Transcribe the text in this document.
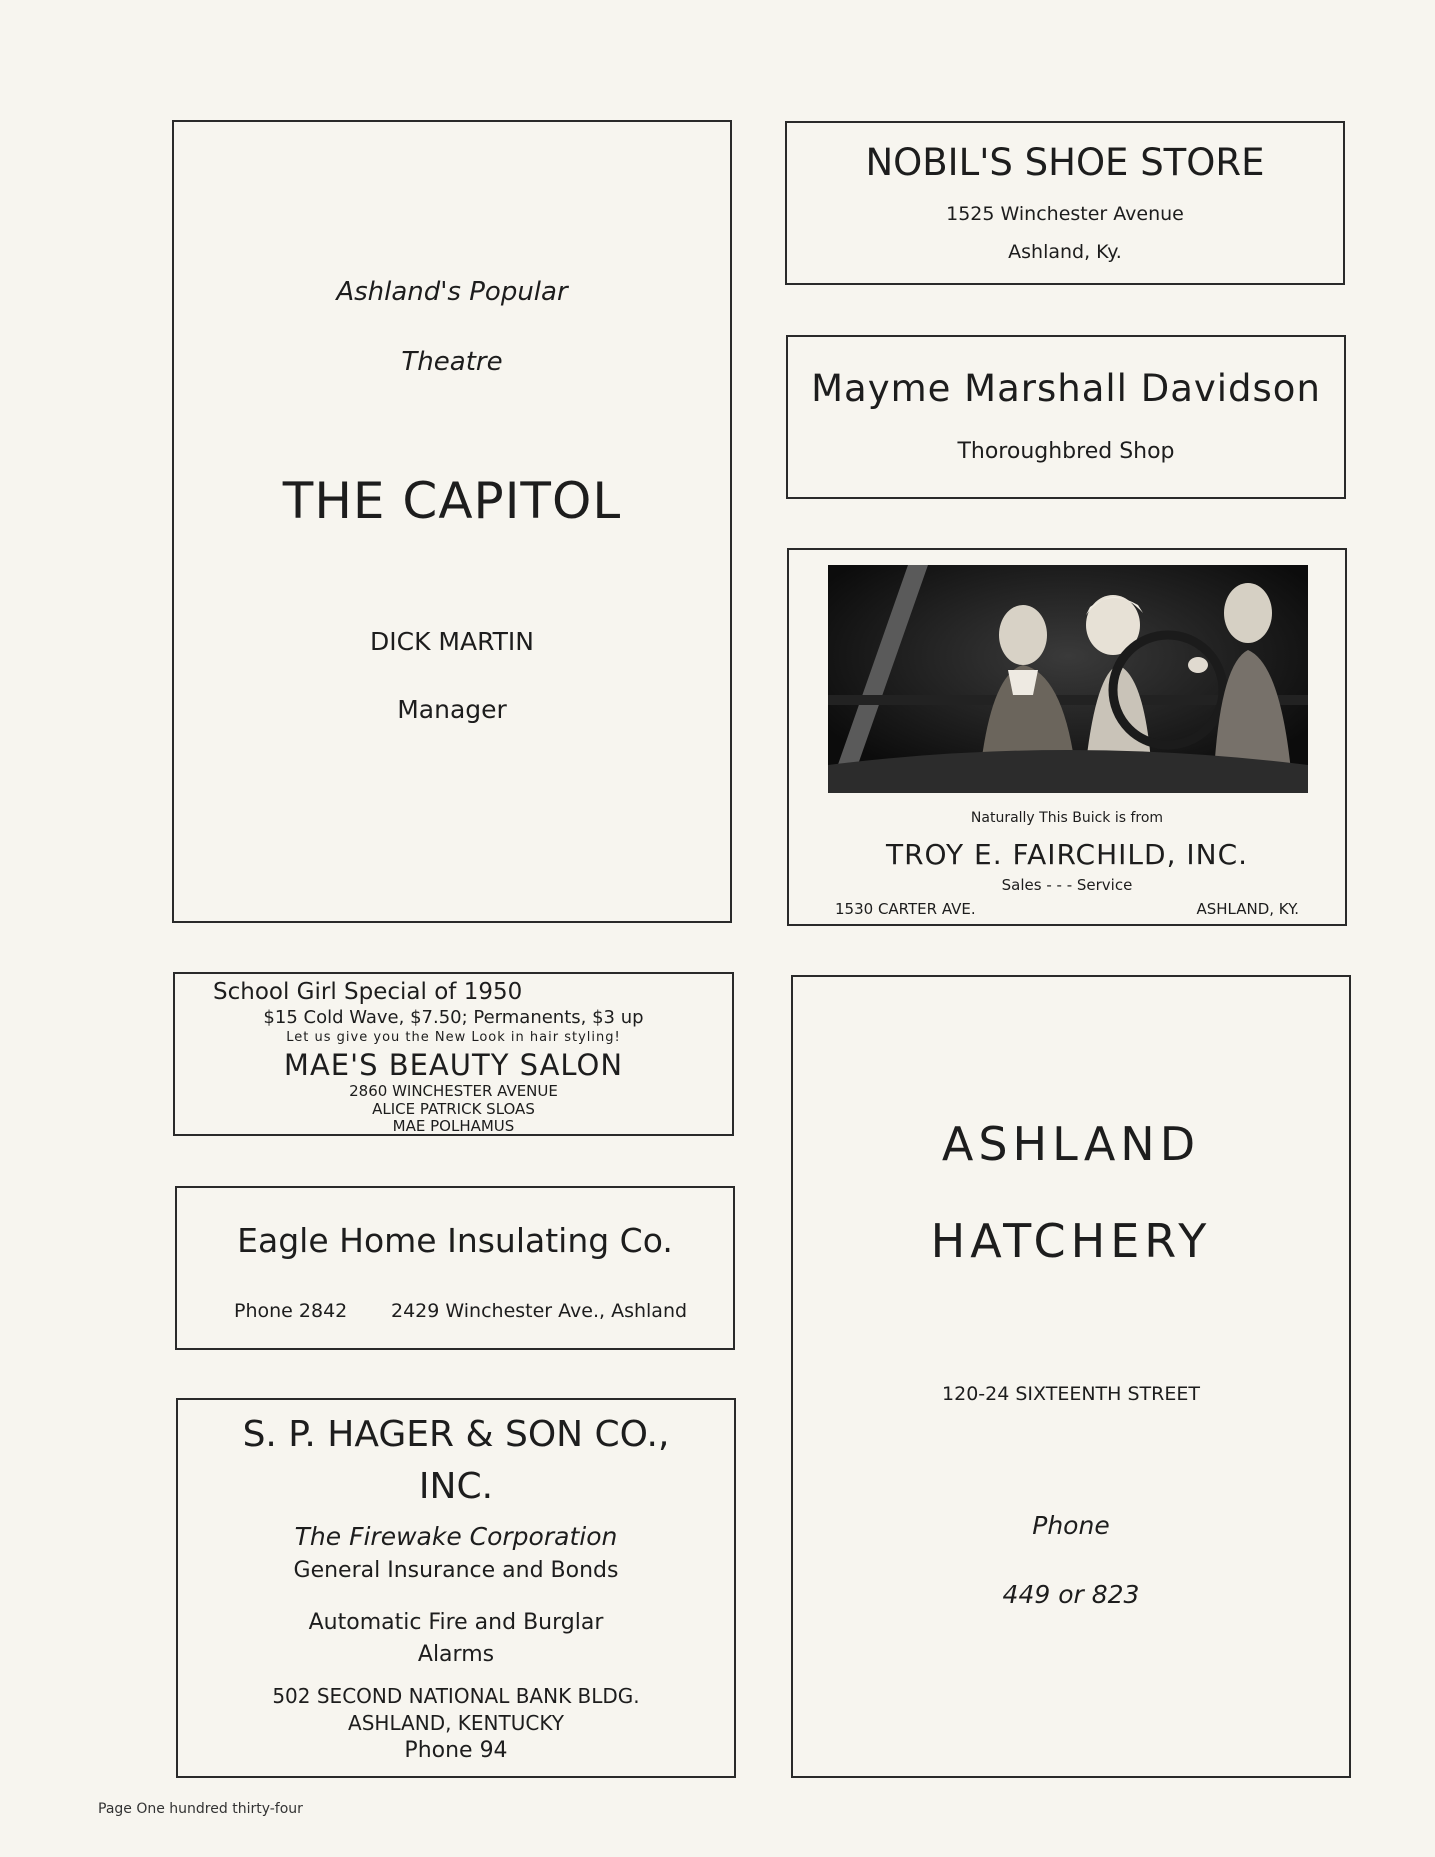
Ashland's Popular
Theatre
THE CAPITOL
DICK MARTIN
Manager
NOBIL'S SHOE STORE
1525 Winchester Avenue
Ashland, Ky.
Mayme Marshall Davidson
Thoroughbred Shop
Naturally This Buick is from
TROY E. FAIRCHILD, INC.
Sales - - - Service
1530 CARTER AVE.	ASHLAND, KY.
School Girl Special of 1950
$15 Cold Wave, $7.50; Permanents, $3 up
Let us give you the New Look in hair styling!
MAE'S BEAUTY SALON
2860 WINCHESTER AVENUE
ALICE PATRICK SLOAS
MAE POLHAMUS
Eagle Home Insulating Co.
Phone 2842 2429 Winchester Ave., Ashland
S. P. HAGER & SON CO.,
INC.
The Firewake Corporation
General Insurance and Bonds
Automatic Fire and Burglar
Alarms
502 SECOND NATIONAL BANK BLDG.
ASHLAND, KENTUCKY
Phone 94
ASHLAND
HATCHERY
120-24 SIXTEENTH STREET
Phone
449 or 823
Page One hundred thirty-four
